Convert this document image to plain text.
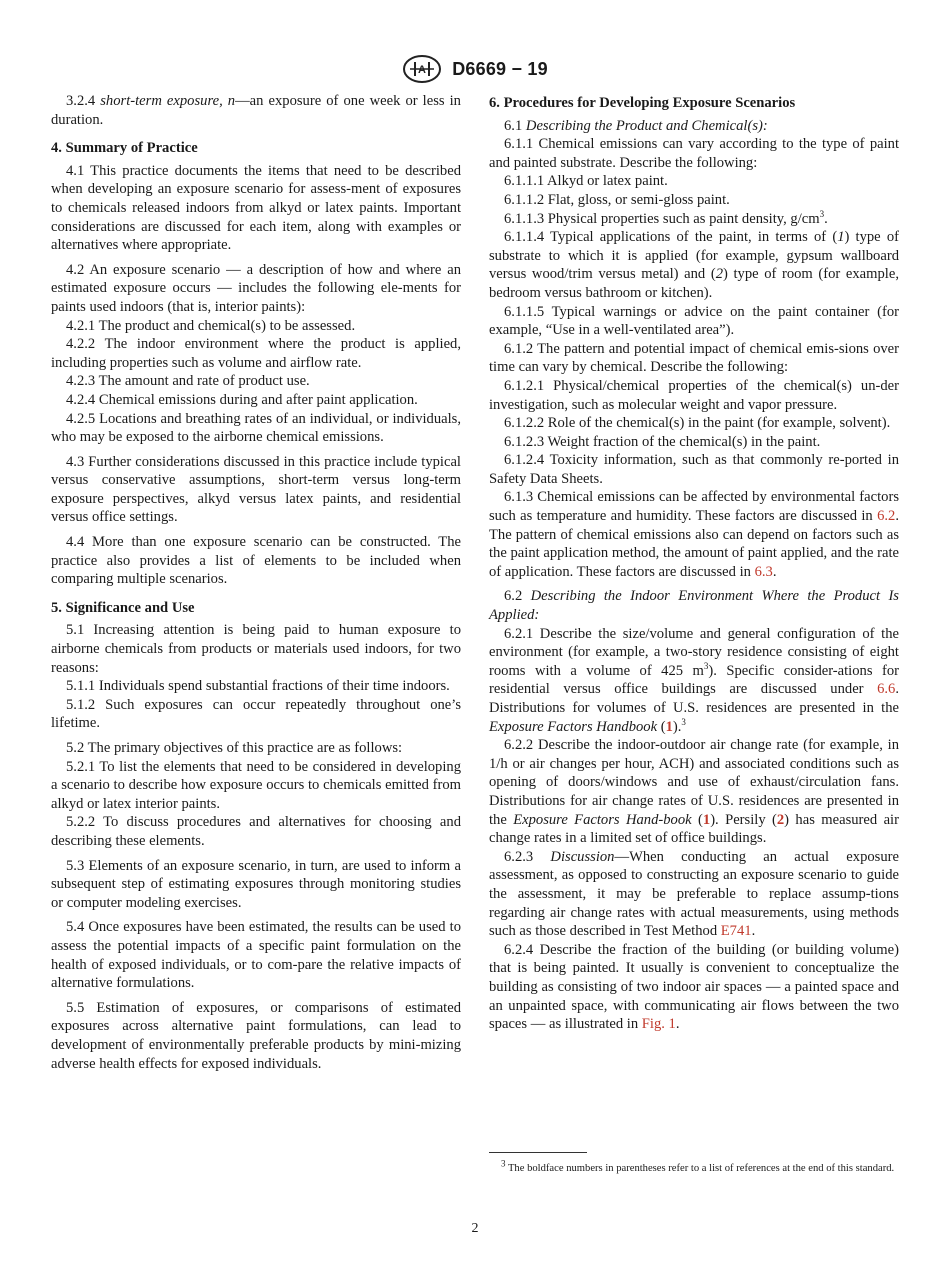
A D6669 − 19

3.2.4 short-term exposure, n—an exposure of one week or less in duration.

4. Summary of Practice

4.1 This practice documents the items that need to be described when developing an exposure scenario for assess-ment of exposures to chemicals released indoors from alkyd or latex paints. Important considerations are discussed for each item, along with examples or alternatives where appropriate.

4.2 An exposure scenario — a description of how and where an estimated exposure occurs — includes the following ele-ments for paints used indoors (that is, interior paints):

4.2.1 The product and chemical(s) to be assessed.

4.2.2 The indoor environment where the product is applied, including properties such as volume and airflow rate.

4.2.3 The amount and rate of product use.

4.2.4 Chemical emissions during and after paint application.

4.2.5 Locations and breathing rates of an individual, or individuals, who may be exposed to the airborne chemical emissions.

4.3 Further considerations discussed in this practice include typical versus conservative assumptions, short-term versus long-term exposure perspectives, alkyd versus latex paints, and residential versus office settings.

4.4 More than one exposure scenario can be constructed. The practice also provides a list of elements to be included when comparing multiple scenarios.

5. Significance and Use

5.1 Increasing attention is being paid to human exposure to airborne chemicals from products or materials used indoors, for two reasons:

5.1.1 Individuals spend substantial fractions of their time indoors.

5.1.2 Such exposures can occur repeatedly throughout one’s lifetime.

5.2 The primary objectives of this practice are as follows:

5.2.1 To list the elements that need to be considered in developing a scenario to describe how exposure occurs to chemicals emitted from alkyd or latex interior paints.

5.2.2 To discuss procedures and alternatives for choosing and describing these elements.

5.3 Elements of an exposure scenario, in turn, are used to inform a subsequent step of estimating exposures through monitoring studies or computer modeling exercises.

5.4 Once exposures have been estimated, the results can be used to assess the potential impacts of a specific paint formulation on the health of exposed individuals, or to com-pare the relative impacts of alternative formulations.

5.5 Estimation of exposures, or comparisons of estimated exposures across alternative paint formulations, can lead to development of environmentally preferable products by mini-mizing adverse health effects for exposed individuals.

6. Procedures for Developing Exposure Scenarios

6.1 Describing the Product and Chemical(s):

6.1.1 Chemical emissions can vary according to the type of paint and painted substrate. Describe the following:

6.1.1.1 Alkyd or latex paint.

6.1.1.2 Flat, gloss, or semi-gloss paint.

6.1.1.3 Physical properties such as paint density, $g/cm^3$.

6.1.1.4 Typical applications of the paint, in terms of (1) type of substrate to which it is applied (for example, gypsum wallboard versus wood/trim versus metal) and (2) type of room (for example, bedroom versus bathroom or kitchen).

6.1.1.5 Typical warnings or advice on the paint container (for example, “Use in a well-ventilated area”).

6.1.2 The pattern and potential impact of chemical emis-sions over time can vary by chemical. Describe the following:

6.1.2.1 Physical/chemical properties of the chemical(s) un-der investigation, such as molecular weight and vapor pressure.

6.1.2.2 Role of the chemical(s) in the paint (for example, solvent).

6.1.2.3 Weight fraction of the chemical(s) in the paint.

6.1.2.4 Toxicity information, such as that commonly re-ported in Safety Data Sheets.

6.1.3 Chemical emissions can be affected by environmental factors such as temperature and humidity. These factors are discussed in 6.2. The pattern of chemical emissions also can depend on factors such as the paint application method, the amount of paint applied, and the rate of application. These factors are discussed in 6.3.

6.2 Describing the Indoor Environment Where the Product Is Applied:

6.2.1 Describe the size/volume and general configuration of the environment (for example, a two-story residence consisting of eight rooms with a volume of 425 $m^3$). Specific consider-ations for residential versus office buildings are discussed under 6.6. Distributions for volumes of U.S. residences are presented in the Exposure Factors Handbook (1).$^3$

6.2.2 Describe the indoor-outdoor air change rate (for example, in 1/h or air changes per hour, ACH) and associated conditions such as opening of doors/windows and use of exhaust/circulation fans. Distributions for air change rates of U.S. residences are presented in the Exposure Factors Hand-book (1). Persily (2) has measured air change rates in a limited set of office buildings.

6.2.3 Discussion—When conducting an actual exposure assessment, as opposed to constructing an exposure scenario to guide the assessment, it may be preferable to replace assump-tions regarding air change rates with actual measurements, using methods such as those described in Test Method E741.

6.2.4 Describe the fraction of the building (or building volume) that is being painted. It usually is convenient to conceptualize the building as consisting of two indoor air spaces — a painted space and an unpainted space, with communicating air flows between the two spaces — as illustrated in Fig. 1.

$^3$ The boldface numbers in parentheses refer to a list of references at the end of this standard.

2
